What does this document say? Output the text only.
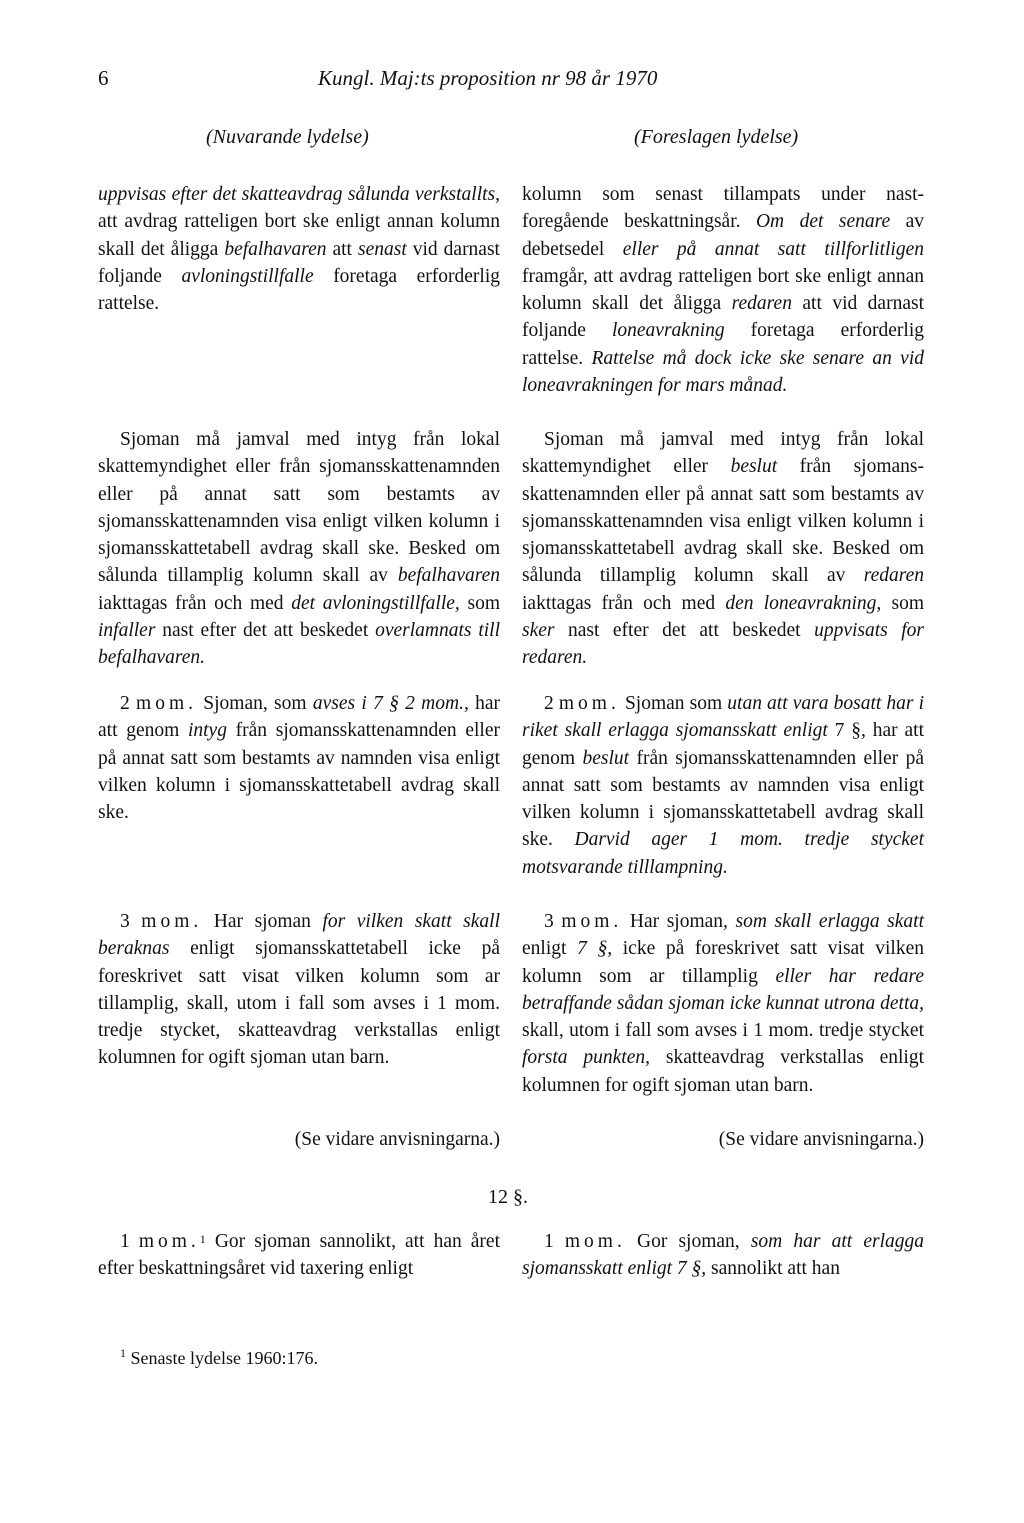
6	Kungl. Maj:ts proposition nr 98 år 1970
(Nuvarande lydelse)	(Foreslagen lydelse)

uppvisas efter det skatteavdrag sålunda verkstallts, att avdrag ratteligen bort ske enligt annan kolumn skall det åligga befalhavaren att senast vid darnast foljande avloningstillfalle foretaga erforderlig rattelse.

Sjoman må jamval med intyg från lokal skattemyndighet eller från sjomansskattenamnden eller på annat satt som bestamts av sjomansskattenamnden visa enligt vilken kolumn i sjomansskattetabell avdrag skall ske. Besked om sålunda tillamplig kolumn skall av befalhavaren iakttagas från och med det avloningstillfalle, som infaller nast efter det att beskedet overlamnats till befalhavaren.

2 mom. Sjoman, som avses i 7 § 2 mom., har att genom intyg från sjomansskattenamnden eller på annat satt som bestamts av namnden visa enligt vilken kolumn i sjomansskattetabell avdrag skall ske.

3 mom. Har sjoman for vilken skatt skall beraknas enligt sjomansskattetabell icke på foreskrivet satt visat vilken kolumn som ar tillamplig, skall, utom i fall som avses i 1 mom. tredje stycket, skatteavdrag verkstallas enligt kolumnen for ogift sjoman utan barn.

(Se vidare anvisningarna.)

kolumn som senast tillampats under nastforegående beskattningsår. Om det senare av debetsedel eller på annat satt tillforlitligen framgår, att avdrag ratteligen bort ske enligt annan kolumn skall det åligga redaren att vid darnast foljande loneavrakning foretaga erforderlig rattelse. Rattelse må dock icke ske senare an vid loneavrakningen for mars månad.

Sjoman må jamval med intyg från lokal skattemyndighet eller beslut från sjomansskattenamnden eller på annat satt som bestamts av sjomansskattenamnden visa enligt vilken kolumn i sjomansskattetabell avdrag skall ske. Besked om sålunda tillamplig kolumn skall av redaren iakttagas från och med den loneavrakning, som sker nast efter det att beskedet uppvisats for redaren.

2 mom. Sjoman som utan att vara bosatt har i riket skall erlagga sjomansskatt enligt 7 §, har att genom beslut från sjomansskattenamnden eller på annat satt som bestamts av namnden visa enligt vilken kolumn i sjomansskattetabell avdrag skall ske. Darvid ager 1 mom. tredje stycket motsvarande tilllampning.

3 mom. Har sjoman, som skall erlagga skatt enligt 7 §, icke på foreskrivet satt visat vilken kolumn som ar tillamplig eller har redare betraffande sådan sjoman icke kunnat utrona detta, skall, utom i fall som avses i 1 mom. tredje stycket forsta punkten, skatteavdrag verkstallas enligt kolumnen for ogift sjoman utan barn.

(Se vidare anvisningarna.)

12 §.

1 mom.$^1$ Gor sjoman sannolikt, att han året efter beskattningsåret vid taxering enligt

1 mom. Gor sjoman, som har att erlagga sjomansskatt enligt 7 §, sannolikt att han

$^1$ Senaste lydelse 1960:176.
